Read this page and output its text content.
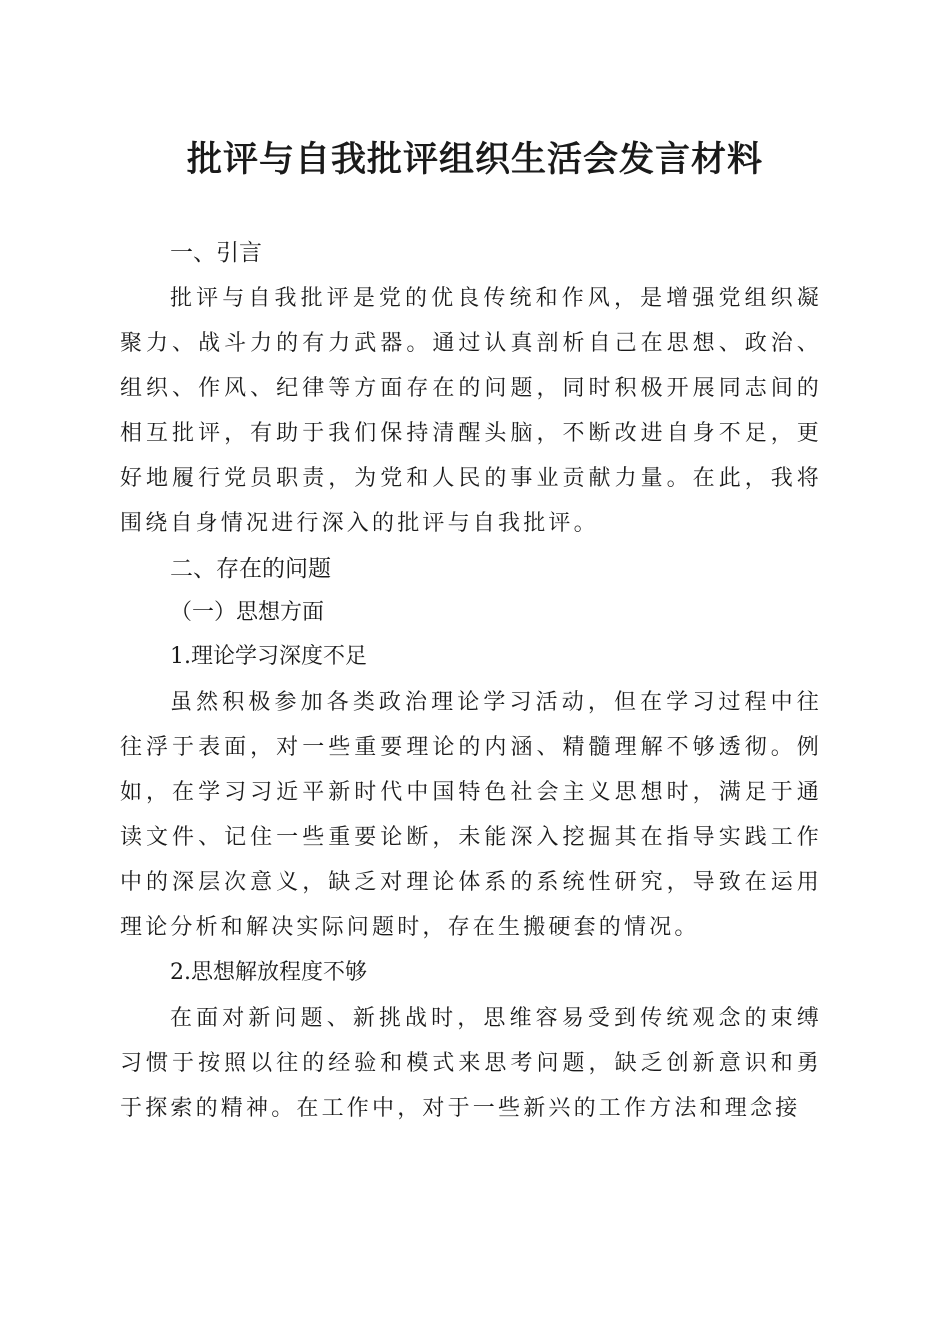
批评与自我批评组织生活会发言材料

一、引言

批评与自我批评是党的优良传统和作风，是增强党组织凝聚力、战斗力的有力武器。通过认真剖析自己在思想、政治、组织、作风、纪律等方面存在的问题，同时积极开展同志间的相互批评，有助于我们保持清醒头脑，不断改进自身不足，更好地履行党员职责，为党和人民的事业贡献力量。在此，我将围绕自身情况进行深入的批评与自我批评。

二、存在的问题

（一）思想方面

1.理论学习深度不足

虽然积极参加各类政治理论学习活动，但在学习过程中往往浮于表面，对一些重要理论的内涵、精髓理解不够透彻。例如，在学习习近平新时代中国特色社会主义思想时，满足于通读文件、记住一些重要论断，未能深入挖掘其在指导实践工作中的深层次意义，缺乏对理论体系的系统性研究，导致在运用理论分析和解决实际问题时，存在生搬硬套的情况。

2.思想解放程度不够

在面对新问题、新挑战时，思维容易受到传统观念的束缚习惯于按照以往的经验和模式来思考问题，缺乏创新意识和勇于探索的精神。在工作中，对于一些新兴的工作方法和理念接
